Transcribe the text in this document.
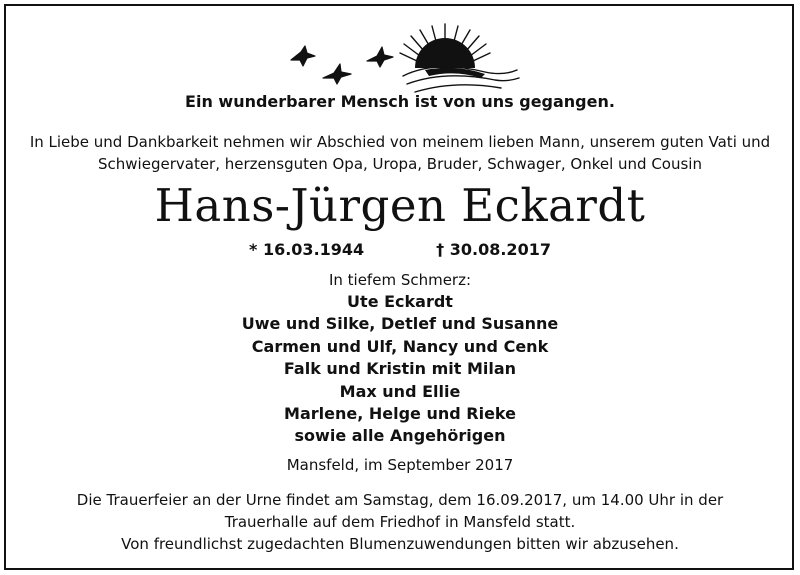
Ein wunderbarer Mensch ist von uns gegangen.
In Liebe und Dankbarkeit nehmen wir Abschied von meinem lieben Mann, unserem guten Vati und
Schwiegervater, herzensguten Opa, Uropa, Bruder, Schwager, Onkel und Cousin
Hans-Jürgen Eckardt
* 16.03.1944	† 30.08.2017
In tiefem Schmerz:
Ute Eckardt
Uwe und Silke, Detlef und Susanne
Carmen und Ulf, Nancy und Cenk
Falk und Kristin mit Milan
Max und Ellie
Marlene, Helge und Rieke
sowie alle Angehörigen
Mansfeld, im September 2017
Die Trauerfeier an der Urne findet am Samstag, dem 16.09.2017, um 14.00 Uhr in der
Trauerhalle auf dem Friedhof in Mansfeld statt.
Von freundlichst zugedachten Blumenzuwendungen bitten wir abzusehen.
